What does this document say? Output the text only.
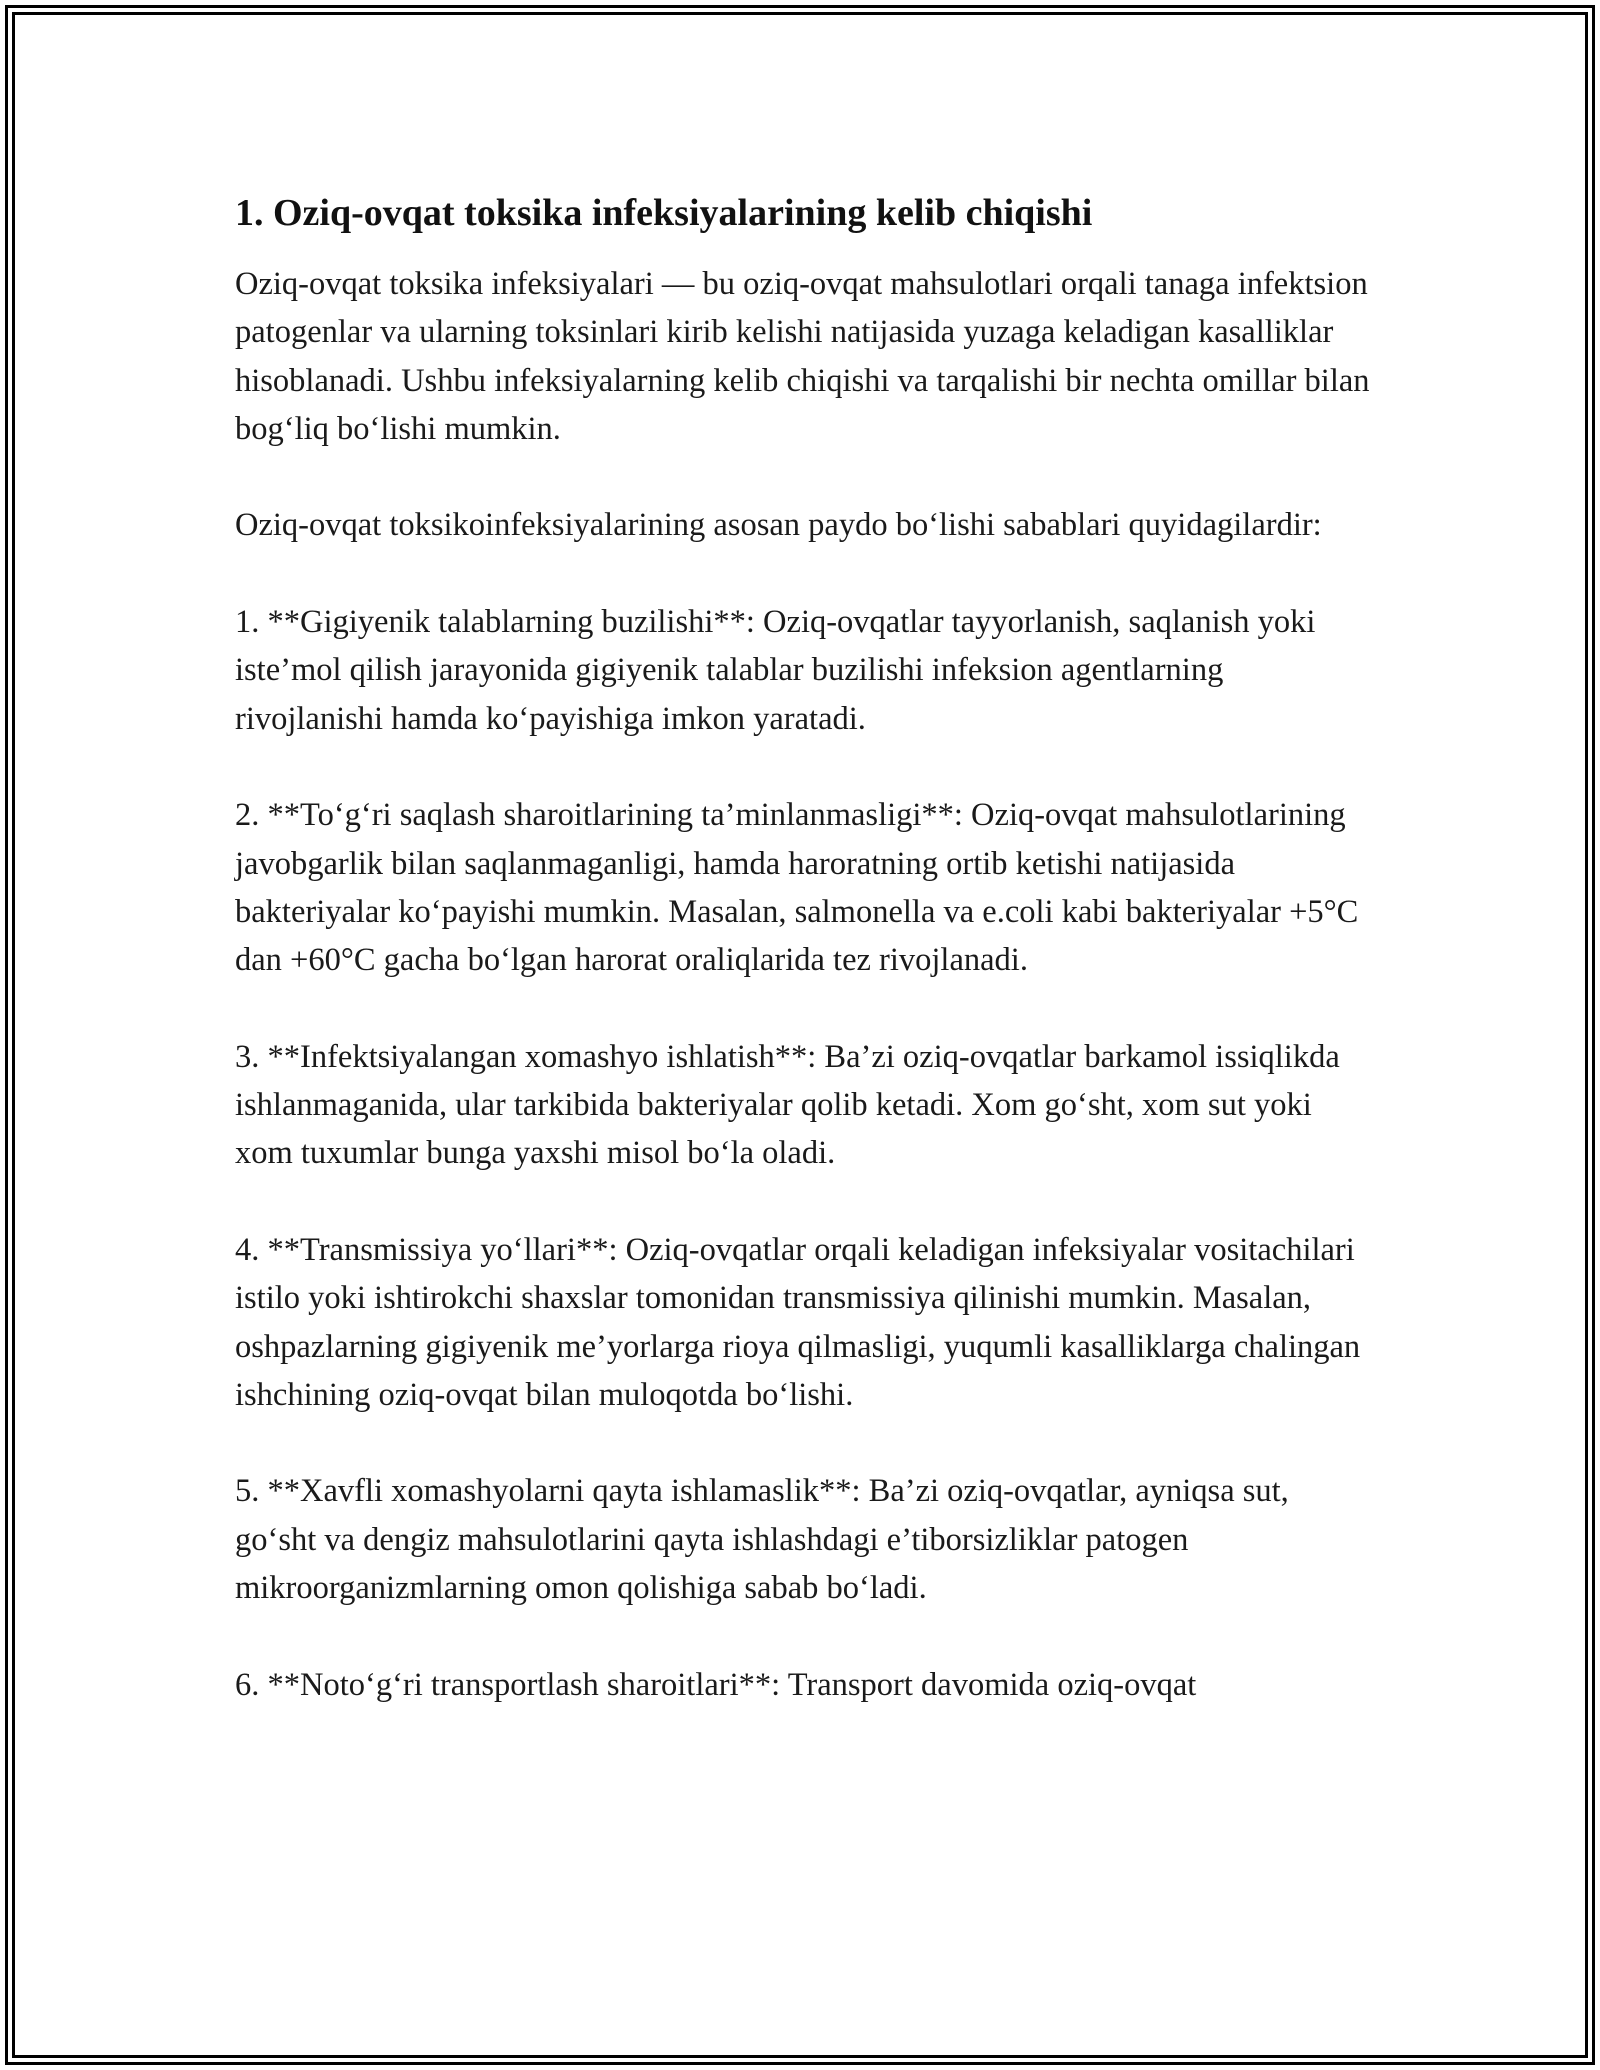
1. Oziq-ovqat toksika infeksiyalarining kelib chiqishi

Oziq-ovqat toksika infeksiyalari — bu oziq-ovqat mahsulotlari orqali tanaga infektsion patogenlar va ularning toksinlari kirib kelishi natijasida yuzaga keladigan kasalliklar hisoblanadi. Ushbu infeksiyalarning kelib chiqishi va tarqalishi bir nechta omillar bilan bog‘liq bo‘lishi mumkin.

Oziq-ovqat toksikoinfeksiyalarining asosan paydo bo‘lishi sabablari quyidagilardir:

1. **Gigiyenik talablarning buzilishi**: Oziq-ovqatlar tayyorlanish, saqlanish yoki iste’mol qilish jarayonida gigiyenik talablar buzilishi infeksion agentlarning rivojlanishi hamda ko‘payishiga imkon yaratadi.

2. **To‘g‘ri saqlash sharoitlarining ta’minlanmasligi**: Oziq-ovqat mahsulotlarining javobgarlik bilan saqlanmaganligi, hamda haroratning ortib ketishi natijasida bakteriyalar ko‘payishi mumkin. Masalan, salmonella va e.coli kabi bakteriyalar +5°C dan +60°C gacha bo‘lgan harorat oraliqlarida tez rivojlanadi.

3. **Infektsiyalangan xomashyo ishlatish**: Ba’zi oziq-ovqatlar barkamol issiqlikda ishlanmaganida, ular tarkibida bakteriyalar qolib ketadi. Xom go‘sht, xom sut yoki xom tuxumlar bunga yaxshi misol bo‘la oladi.

4. **Transmissiya yo‘llari**: Oziq-ovqatlar orqali keladigan infeksiyalar vositachilari istilo yoki ishtirokchi shaxslar tomonidan transmissiya qilinishi mumkin. Masalan, oshpazlarning gigiyenik me’yorlarga rioya qilmasligi, yuqumli kasalliklarga chalingan ishchining oziq-ovqat bilan muloqotda bo‘lishi.

5. **Xavfli xomashyolarni qayta ishlamaslik**: Ba’zi oziq-ovqatlar, ayniqsa sut, go‘sht va dengiz mahsulotlarini qayta ishlashdagi e’tiborsizliklar patogen mikroorganizmlarning omon qolishiga sabab bo‘ladi.

6. **Noto‘g‘ri transportlash sharoitlari**: Transport davomida oziq-ovqat
